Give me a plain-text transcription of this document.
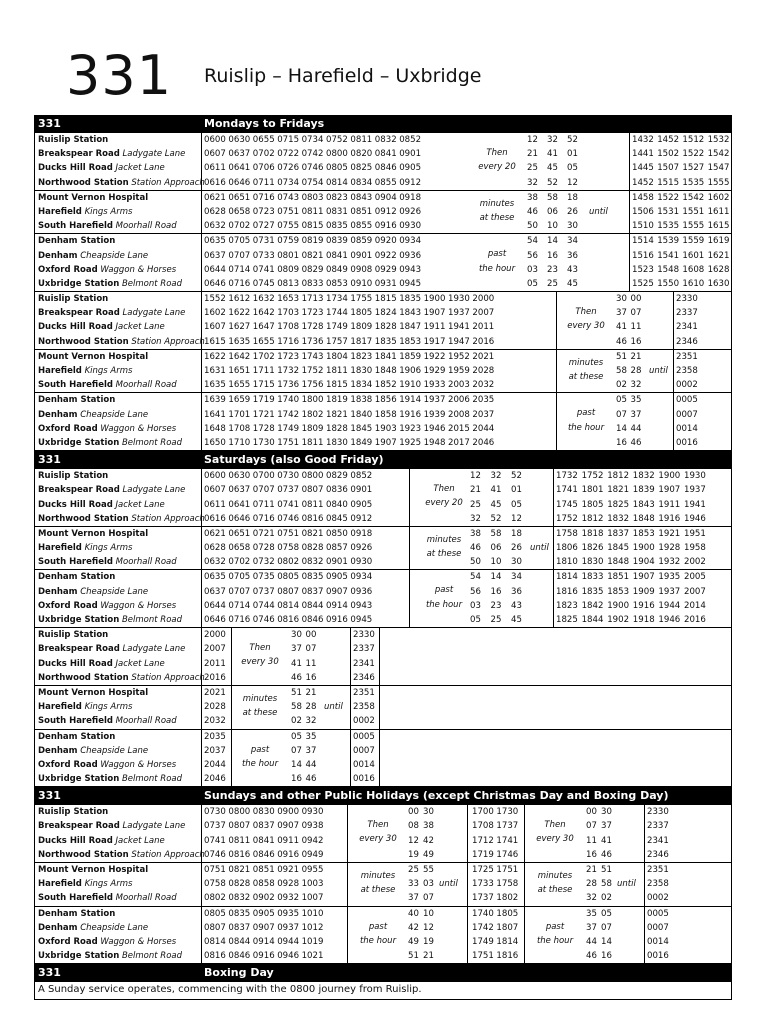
331 Ruislip – Harefield – Uxbridge
331	Mondays to Fridays
Ruislip Station	0600 0630 0655 0715 0734 0752 0811 0832 0852	12 32 52	1432 1452 1512 1532
Breakspear Road Ladygate Lane 0607 0637 0702 0722 0742 0800 0820 0841 0901	21 41 01	1441 1502 1522 1542
Ducks Hill Road Jacket Lane	0611 0641 0706 0726 0746 0805 0825 0846 0905	25 45 05	1445 1507 1527 1547
Northwood Station Station Approach 0616 0646 0711 0734 0754 0814 0834 0855 0912	32 52 12	1452 1515 1535 1555
Then
every 20
Mount Vernon Hospital	0621 0651 0716 0743 0803 0823 0843 0904 0918	38 58 18	1458 1522 1542 1602
Harefield Kings Arms	0628 0658 0723 0751 0811 0831 0851 0912 0926	46 06 26	1506 1531 1551 1611
South Harefield Moorhall Road	0632 0702 0727 0755 0815 0835 0855 0916 0930	50 10 30	1510 1535 1555 1615
minutes
at these
until
Denham Station	0635 0705 0731 0759 0819 0839 0859 0920 0934	54 14 34	1514 1539 1559 1619
Denham Cheapside Lane	0637 0707 0733 0801 0821 0841 0901 0922 0936	56 16 36	1516 1541 1601 1621
Oxford Road Waggon & Horses	0644 0714 0741 0809 0829 0849 0908 0929 0943	03 23 43	1523 1548 1608 1628
Uxbridge Station Belmont Road	0646 0716 0745 0813 0833 0853 0910 0931 0945	05 25 45	1525 1550 1610 1630
past
the hour
Ruislip Station	1552 1612 1632 1653 1713 1734 1755 1815 1835 1900 1930 2000	30 00	2330
Breakspear Road Ladygate Lane 1602 1622 1642 1703 1723 1744 1805 1824 1843 1907 1937 2007	37 07	2337
Ducks Hill Road Jacket Lane	1607 1627 1647 1708 1728 1749 1809 1828 1847 1911 1941 2011	41 11	2341
Northwood Station Station Approach 1615 1635 1655 1716 1736 1757 1817 1835 1853 1917 1947 2016	46 16	2346
Then
every 30
Mount Vernon Hospital	1622 1642 1702 1723 1743 1804 1823 1841 1859 1922 1952 2021	51 21	2351
Harefield Kings Arms	1631 1651 1711 1732 1752 1811 1830 1848 1906 1929 1959 2028	58 28	2358
South Harefield Moorhall Road	1635 1655 1715 1736 1756 1815 1834 1852 1910 1933 2003 2032	02 32	0002
minutes
at these
until
Denham Station	1639 1659 1719 1740 1800 1819 1838 1856 1914 1937 2006 2035	05 35	0005
Denham Cheapside Lane	1641 1701 1721 1742 1802 1821 1840 1858 1916 1939 2008 2037	07 37	0007
Oxford Road Waggon & Horses	1648 1708 1728 1749 1809 1828 1845 1903 1923 1946 2015 2044	14 44	0014
Uxbridge Station Belmont Road	1650 1710 1730 1751 1811 1830 1849 1907 1925 1948 2017 2046	16 46	0016
past
the hour
331	Saturdays (also Good Friday)
Ruislip Station	0600 0630 0700 0730 0800 0829 0852	12 32 52	1732 1752 1812 1832 1900 1930
Breakspear Road Ladygate Lane 0607 0637 0707 0737 0807 0836 0901	21 41 01	1741 1801 1821 1839 1907 1937
Ducks Hill Road Jacket Lane	0611 0641 0711 0741 0811 0840 0905	25 45 05	1745 1805 1825 1843 1911 1941
Northwood Station Station Approach 0616 0646 0716 0746 0816 0845 0912	32 52 12	1752 1812 1832 1848 1916 1946
Then
every 20
Mount Vernon Hospital	0621 0651 0721 0751 0821 0850 0918	38 58 18	1758 1818 1837 1853 1921 1951
Harefield Kings Arms	0628 0658 0728 0758 0828 0857 0926	46 06 26	1806 1826 1845 1900 1928 1958
South Harefield Moorhall Road	0632 0702 0732 0802 0832 0901 0930	50 10 30	1810 1830 1848 1904 1932 2002
minutes
at these
until
Denham Station	0635 0705 0735 0805 0835 0905 0934	54 14 34	1814 1833 1851 1907 1935 2005
Denham Cheapside Lane	0637 0707 0737 0807 0837 0907 0936	56 16 36	1816 1835 1853 1909 1937 2007
Oxford Road Waggon & Horses	0644 0714 0744 0814 0844 0914 0943	03 23 43	1823 1842 1900 1916 1944 2014
Uxbridge Station Belmont Road	0646 0716 0746 0816 0846 0916 0945	05 25 45	1825 1844 1902 1918 1946 2016
past
the hour
Ruislip Station	2000	30 00	2330
Breakspear Road Ladygate Lane 2007	37 07	2337
Ducks Hill Road Jacket Lane	2011	41 11	2341
Northwood Station Station Approach 2016	46 16	2346
Then
every 30
Mount Vernon Hospital	2021	51 21	2351
Harefield Kings Arms	2028	58 28	2358
South Harefield Moorhall Road	2032	02 32	0002
minutes
at these
until
Denham Station	2035	05 35	0005
Denham Cheapside Lane	2037	07 37	0007
Oxford Road Waggon & Horses	2044	14 44	0014
Uxbridge Station Belmont Road	2046	16 46	0016
past
the hour
331	Sundays and other Public Holidays (except Christmas Day and Boxing Day)
Ruislip Station	0730 0800 0830 0900 0930	00 30	1700 1730	00 30	2330
Breakspear Road Ladygate Lane 0737 0807 0837 0907 0938	08 38	1708 1737	07 37	2337
Ducks Hill Road Jacket Lane	0741 0811 0841 0911 0942	12 42	1712 1741	11 41	2341
Northwood Station Station Approach 0746 0816 0846 0916 0949	19 49	1719 1746	16 46	2346
Then
every 30
Then
every 30
Mount Vernon Hospital	0751 0821 0851 0921 0955	25 55	1725 1751	21 51	2351
Harefield Kings Arms	0758 0828 0858 0928 1003	33 03	1733 1758	28 58	2358
South Harefield Moorhall Road	0802 0832 0902 0932 1007	37 07	1737 1802	32 02	0002
minutes
at these
until
minutes
at these
until
Denham Station	0805 0835 0905 0935 1010	40 10	1740 1805	35 05	0005
Denham Cheapside Lane	0807 0837 0907 0937 1012	42 12	1742 1807	37 07	0007
Oxford Road Waggon & Horses	0814 0844 0914 0944 1019	49 19	1749 1814	44 14	0014
Uxbridge Station Belmont Road	0816 0846 0916 0946 1021	51 21	1751 1816	46 16	0016
past
the hour
past
the hour
331	Boxing Day
A Sunday service operates, commencing with the 0800 journey from Ruislip.
